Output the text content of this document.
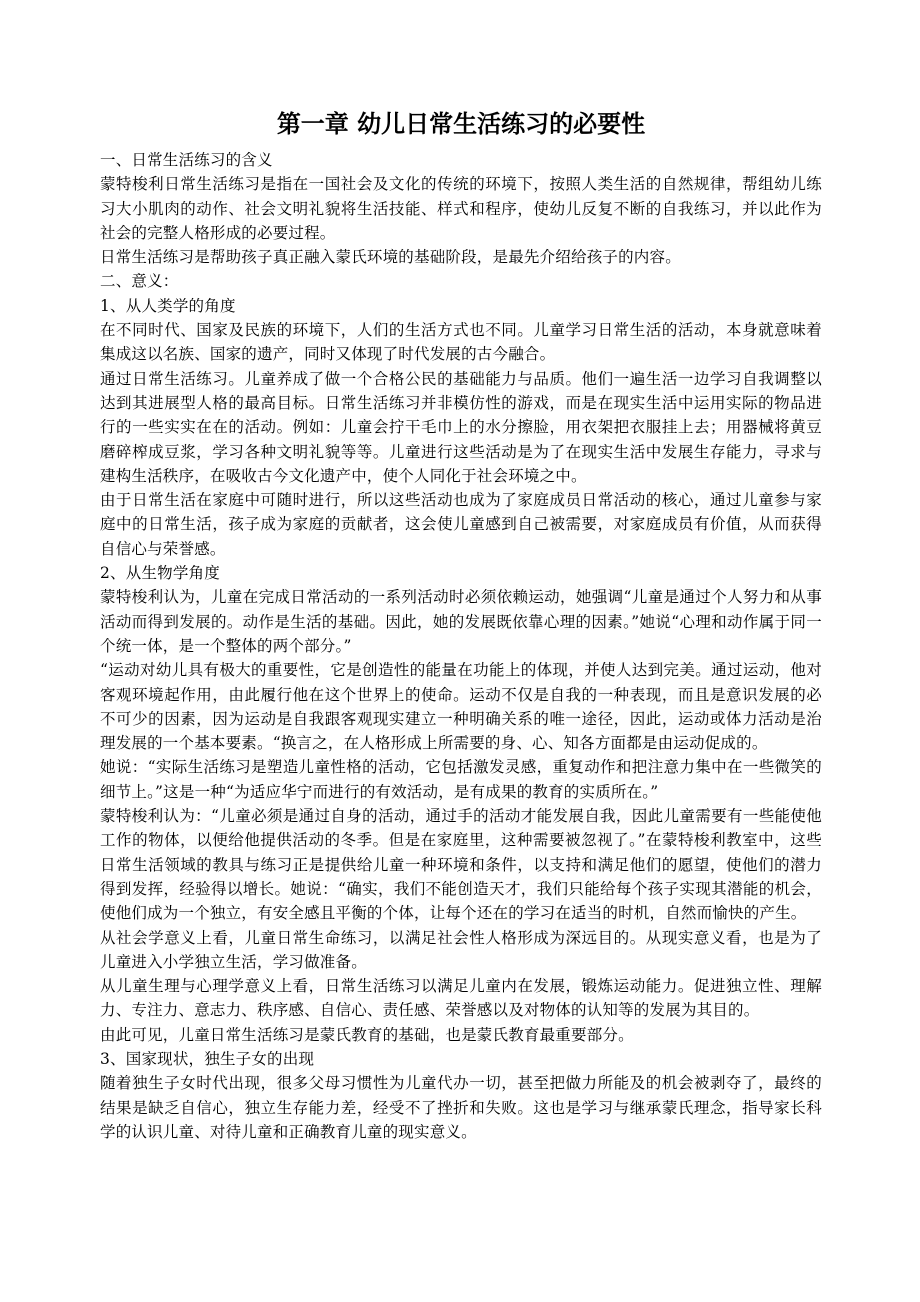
第一章 幼儿日常生活练习的必要性

一、日常生活练习的含义

蒙特梭利日常生活练习是指在一国社会及文化的传统的环境下，按照人类生活的自然规律，帮组幼儿练习大小肌肉的动作、社会文明礼貌将生活技能、样式和程序，使幼儿反复不断的自我练习，并以此作为社会的完整人格形成的必要过程。

日常生活练习是帮助孩子真正融入蒙氏环境的基础阶段，是最先介绍给孩子的内容。

二、意义：

1、从人类学的角度

在不同时代、国家及民族的环境下，人们的生活方式也不同。儿童学习日常生活的活动，本身就意味着集成这以名族、国家的遗产，同时又体现了时代发展的古今融合。

通过日常生活练习。儿童养成了做一个合格公民的基础能力与品质。他们一遍生活一边学习自我调整以达到其进展型人格的最高目标。日常生活练习并非模仿性的游戏，而是在现实生活中运用实际的物品进行的一些实实在在的活动。例如：儿童会拧干毛巾上的水分擦脸，用衣架把衣服挂上去；用器械将黄豆磨碎榨成豆浆，学习各种文明礼貌等等。儿童进行这些活动是为了在现实生活中发展生存能力，寻求与建构生活秩序，在吸收古今文化遗产中，使个人同化于社会环境之中。

由于日常生活在家庭中可随时进行，所以这些活动也成为了家庭成员日常活动的核心，通过儿童参与家庭中的日常生活，孩子成为家庭的贡献者，这会使儿童感到自己被需要，对家庭成员有价值，从而获得自信心与荣誉感。

2、从生物学角度

蒙特梭利认为，儿童在完成日常活动的一系列活动时必须依赖运动，她强调“儿童是通过个人努力和从事活动而得到发展的。动作是生活的基础。因此，她的发展既依靠心理的因素。”她说“心理和动作属于同一个统一体，是一个整体的两个部分。”

“运动对幼儿具有极大的重要性，它是创造性的能量在功能上的体现，并使人达到完美。通过运动，他对客观环境起作用，由此履行他在这个世界上的使命。运动不仅是自我的一种表现，而且是意识发展的必不可少的因素，因为运动是自我跟客观现实建立一种明确关系的唯一途径，因此，运动或体力活动是治理发展的一个基本要素。“换言之，在人格形成上所需要的身、心、知各方面都是由运动促成的。

她说：“实际生活练习是塑造儿童性格的活动，它包括激发灵感，重复动作和把注意力集中在一些微笑的细节上。”这是一种“为适应华宁而进行的有效活动，是有成果的教育的实质所在。”

蒙特梭利认为：“儿童必须是通过自身的活动，通过手的活动才能发展自我，因此儿童需要有一些能使他工作的物体，以便给他提供活动的冬季。但是在家庭里，这种需要被忽视了。”在蒙特梭利教室中，这些日常生活领域的教具与练习正是提供给儿童一种环境和条件，以支持和满足他们的愿望，使他们的潜力得到发挥，经验得以增长。她说：“确实，我们不能创造天才，我们只能给每个孩子实现其潜能的机会，使他们成为一个独立，有安全感且平衡的个体，让每个还在的学习在适当的时机，自然而愉快的产生。

从社会学意义上看，儿童日常生命练习，以满足社会性人格形成为深远目的。从现实意义看，也是为了儿童进入小学独立生活，学习做准备。

从儿童生理与心理学意义上看，日常生活练习以满足儿童内在发展，锻炼运动能力。促进独立性、理解力、专注力、意志力、秩序感、自信心、责任感、荣誉感以及对物体的认知等的发展为其目的。

由此可见，儿童日常生活练习是蒙氏教育的基础，也是蒙氏教育最重要部分。

3、国家现状，独生子女的出现

随着独生子女时代出现，很多父母习惯性为儿童代办一切，甚至把做力所能及的机会被剥夺了，最终的结果是缺乏自信心，独立生存能力差，经受不了挫折和失败。这也是学习与继承蒙氏理念，指导家长科学的认识儿童、对待儿童和正确教育儿童的现实意义。
